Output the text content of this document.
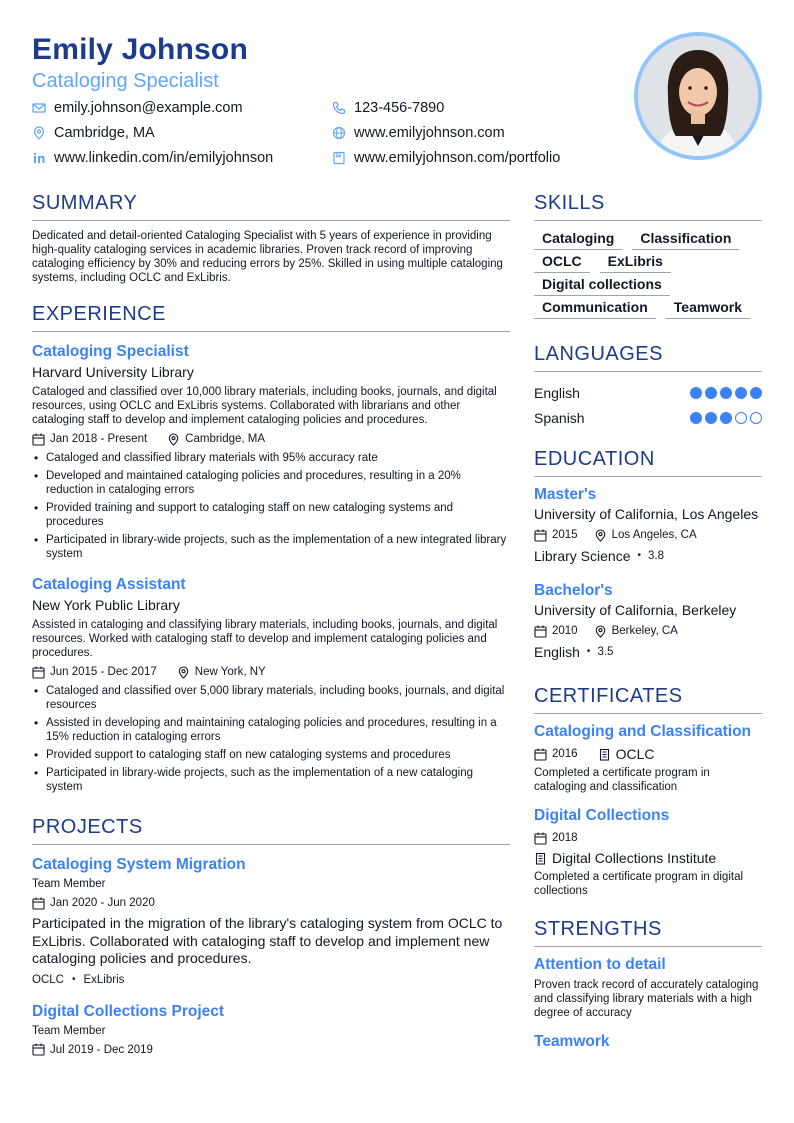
Emily Johnson
Cataloging Specialist
emily.johnson@example.com	123-456-7890
Cambridge, MA	www.emilyjohnson.com
www.linkedin.com/in/emilyjohnson	www.emilyjohnson.com/portfolio
SUMMARY
Dedicated and detail-oriented Cataloging Specialist with 5 years of experience in providing high-quality cataloging services in academic libraries. Proven track record of improving cataloging efficiency by 30% and reducing errors by 25%. Skilled in using multiple cataloging systems, including OCLC and ExLibris.
EXPERIENCE
Cataloging Specialist
Harvard University Library
Cataloged and classified over 10,000 library materials, including books, journals, and digital resources, using OCLC and ExLibris systems. Collaborated with librarians and other cataloging staff to develop and implement cataloging policies and procedures.
Jan 2018 - Present	Cambridge, MA
• Cataloged and classified library materials with 95% accuracy rate
• Developed and maintained cataloging policies and procedures, resulting in a 20% reduction in cataloging errors
• Provided training and support to cataloging staff on new cataloging systems and procedures
• Participated in library-wide projects, such as the implementation of a new integrated library system
Cataloging Assistant
New York Public Library
Assisted in cataloging and classifying library materials, including books, journals, and digital resources. Worked with cataloging staff to develop and implement cataloging policies and procedures.
Jun 2015 - Dec 2017	New York, NY
• Cataloged and classified over 5,000 library materials, including books, journals, and digital resources
• Assisted in developing and maintaining cataloging policies and procedures, resulting in a 15% reduction in cataloging errors
• Provided support to cataloging staff on new cataloging systems and procedures
• Participated in library-wide projects, such as the implementation of a new cataloging system
PROJECTS
Cataloging System Migration
Team Member
Jan 2020 - Jun 2020
Participated in the migration of the library's cataloging system from OCLC to ExLibris. Collaborated with cataloging staff to develop and implement new cataloging policies and procedures.
OCLC • ExLibris
Digital Collections Project
Team Member
Jul 2019 - Dec 2019
SKILLS
Cataloging	Classification
OCLC	ExLibris
Digital collections
Communication	Teamwork
LANGUAGES
English
Spanish
EDUCATION
Master's
University of California, Los Angeles
2015	Los Angeles, CA
Library Science • 3.8
Bachelor's
University of California, Berkeley
2010	Berkeley, CA
English • 3.5
CERTIFICATES
Cataloging and Classification
2016	OCLC
Completed a certificate program in cataloging and classification
Digital Collections
2018
Digital Collections Institute
Completed a certificate program in digital collections
STRENGTHS
Attention to detail
Proven track record of accurately cataloging and classifying library materials with a high degree of accuracy
Teamwork
